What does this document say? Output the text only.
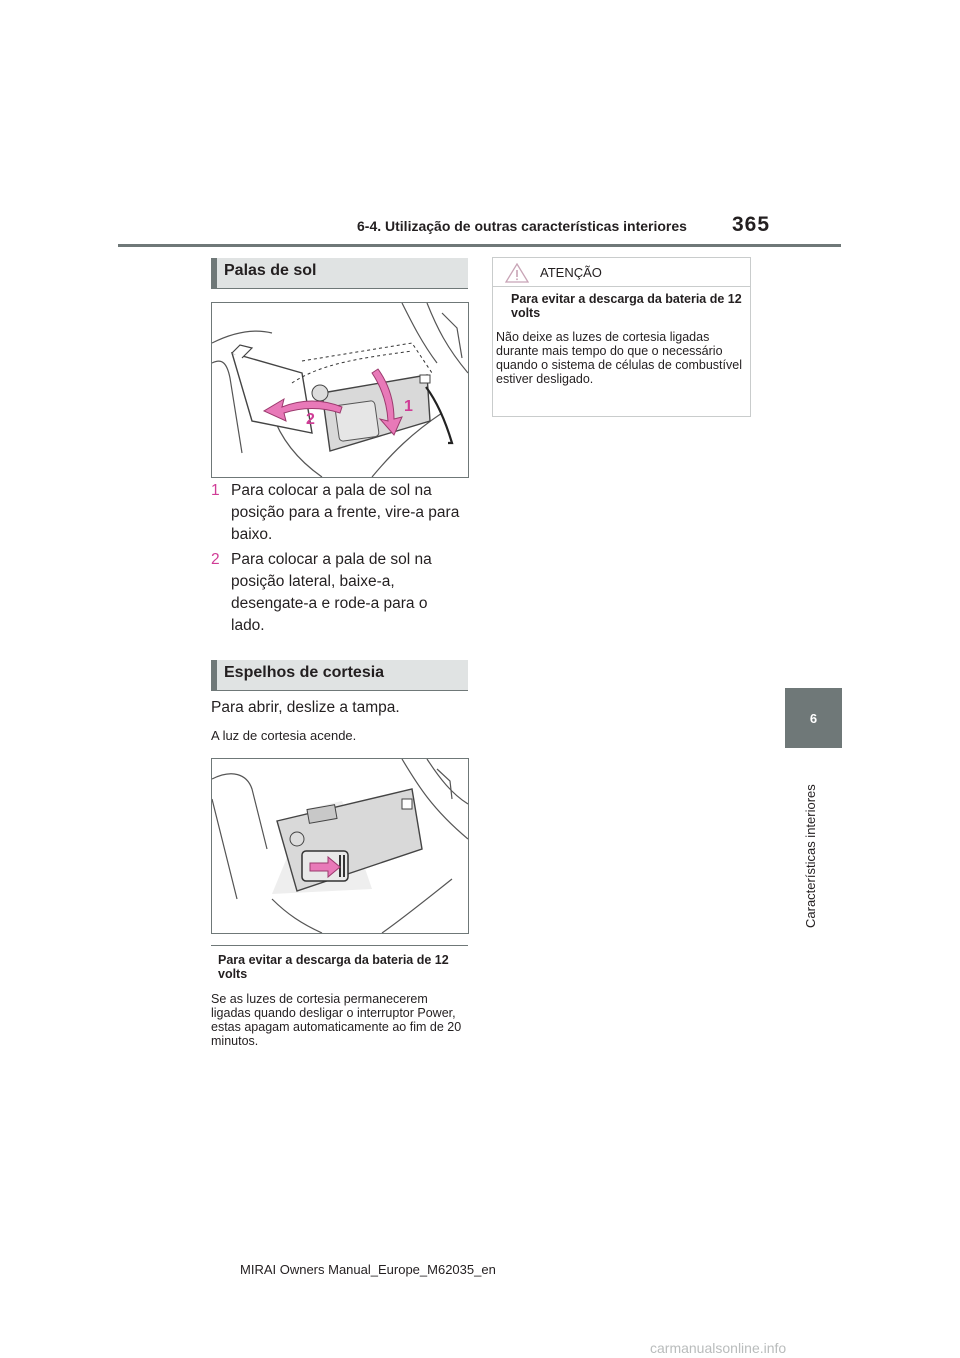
6-4. Utilização de outras características interiores 365
6
Características interiores
Palas de sol
2
1
1 Para colocar a pala de sol na posição para a frente, vire-a para baixo.
2 Para colocar a pala de sol na posição lateral, baixe-a, desengate-a e rode-a para o lado.
Espelhos de cortesia
Para abrir, deslize a tampa.
A luz de cortesia acende.
Para evitar a descarga da bateria de 12 volts
Se as luzes de cortesia permanecerem ligadas quando desligar o interruptor Power, estas apagam automaticamente ao fim de 20 minutos.
ATENÇÃO
Para evitar a descarga da bateria de 12 volts
Não deixe as luzes de cortesia ligadas durante mais tempo do que o necessário quando o sistema de células de combustível estiver desligado.
MIRAI Owners Manual_Europe_M62035_en
carmanualsonline.info
